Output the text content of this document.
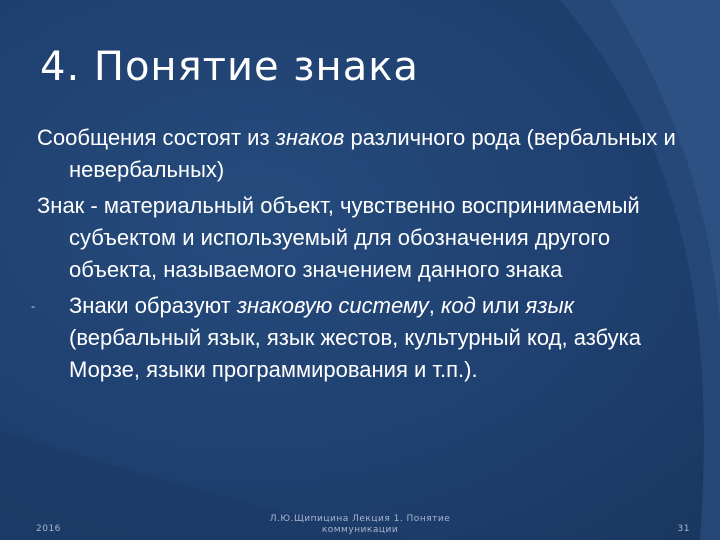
4. Понятие знака
Сообщения состоят из знаков различного рода (вербальных и невербальных)
Знак - материальный объект, чувственно воспринимаемый субъектом и используемый для обозначения другого объекта, называемого значением данного знака
- Знаки образуют знаковую систему, код или язык (вербальный язык, язык жестов, культурный код, азбука Морзе, языки программирования и т.п.).
2016
Л.Ю.Щипицина Лекция 1. Понятие коммуникации	31
